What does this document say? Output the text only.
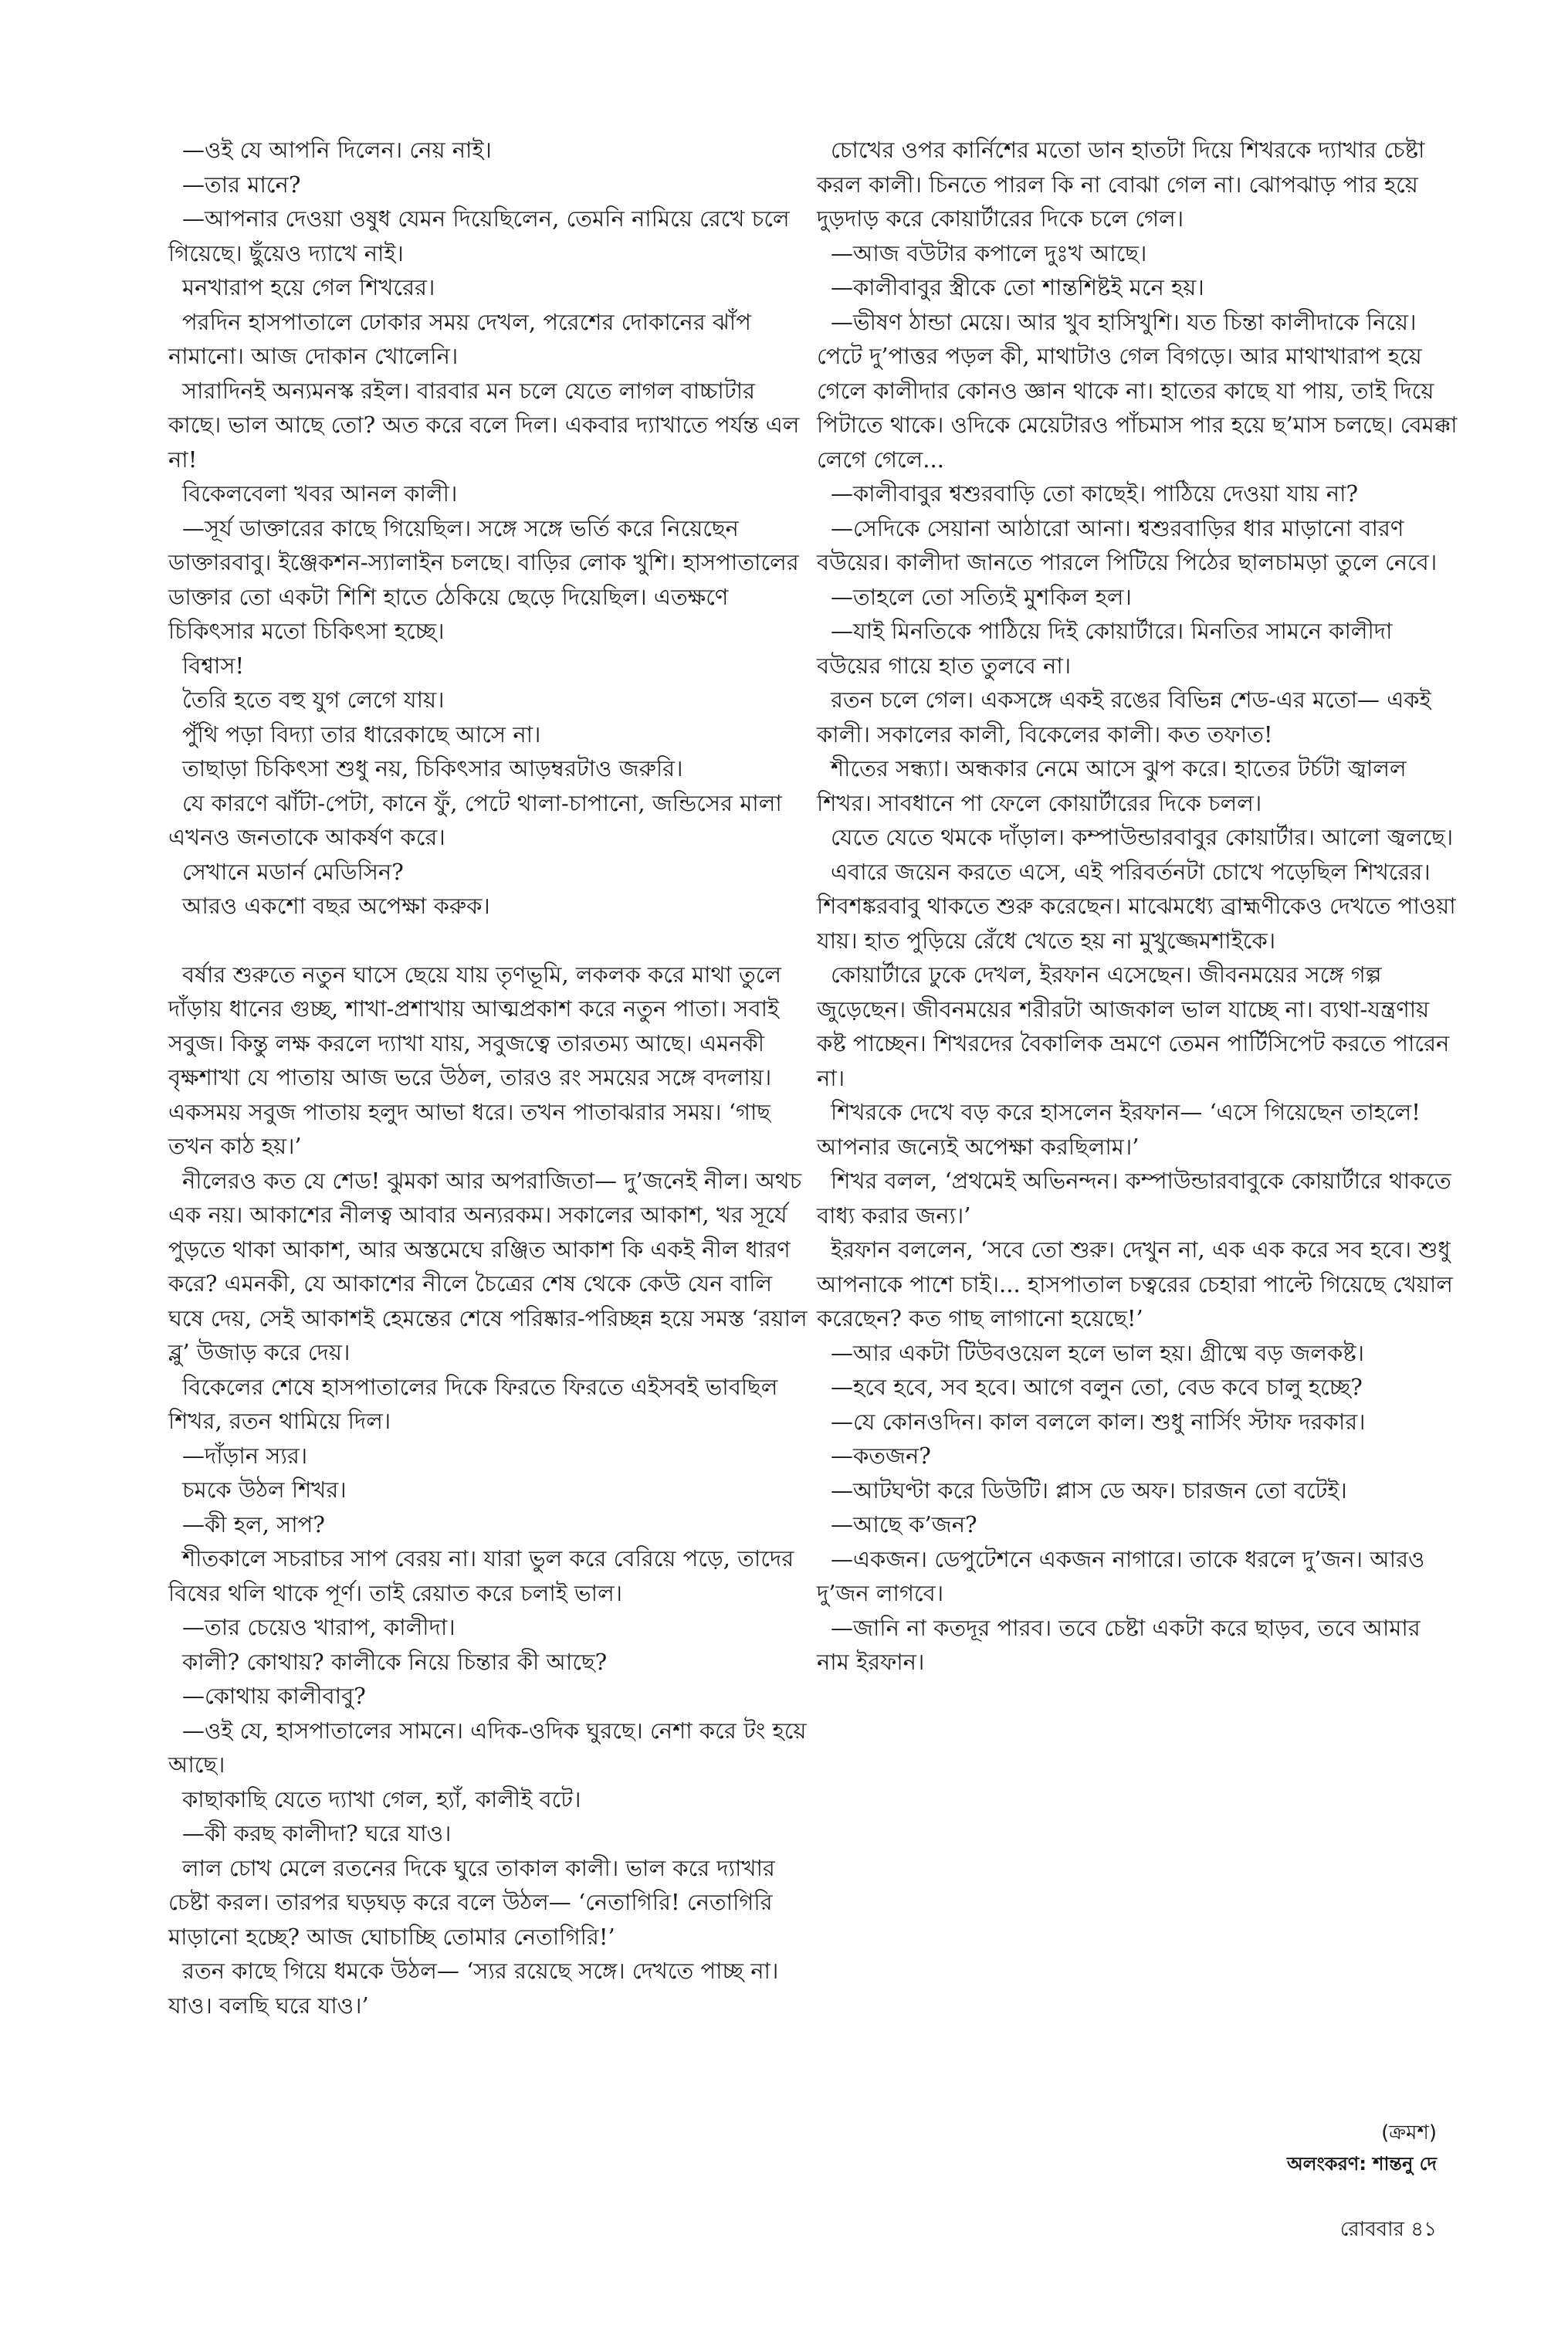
—ওই যে আপনি দিলেন। নেয় নাই।

—তার মানে?

—আপনার দেওয়া ওষুধ যেমন দিয়েছিলেন, তেমনি নামিয়ে রেখে চলে গিয়েছে। ছুঁয়েও দ্যাখে নাই।

মনখারাপ হয়ে গেল শিখরের।

পরদিন হাসপাতালে ঢোকার সময় দেখল, পরেশের দোকানের ঝাঁপ নামানো। আজ দোকান খোলেনি।

সারাদিনই অন্যমনস্ক রইল। বারবার মন চলে যেতে লাগল বাচ্চাটার কাছে। ভাল আছে তো? অত করে বলে দিল। একবার দ্যাখাতে পর্যন্ত এল না!

বিকেলবেলা খবর আনল কালী।

—সূর্য ডাক্তারের কাছে গিয়েছিল। সঙ্গে সঙ্গে ভর্তি করে নিয়েছেন ডাক্তারবাবু। ইঞ্জেকশন-স্যালাইন চলছে। বাড়ির লোক খুশি। হাসপাতালের ডাক্তার তো একটা শিশি হাতে ঠেকিয়ে ছেড়ে দিয়েছিল। এতক্ষণে চিকিৎসার মতো চিকিৎসা হচ্ছে।

বিশ্বাস!

তৈরি হতে বহু যুগ লেগে যায়।

পুঁথি পড়া বিদ্যা তার ধারেকাছে আসে না।

তাছাড়া চিকিৎসা শুধু নয়, চিকিৎসার আড়ম্বরটাও জরুরি।

যে কারণে ঝাঁটা-পেটা, কানে ফুঁ, পেটে থালা-চাপানো, জন্ডিসের মালা এখনও জনতাকে আকর্ষণ করে।

সেখানে মডার্ন মেডিসিন?

আরও একশো বছর অপেক্ষা করুক।

বর্ষার শুরুতে নতুন ঘাসে ছেয়ে যায় তৃণভূমি, লকলক করে মাথা তুলে দাঁড়ায় ধানের গুচ্ছ, শাখা-প্রশাখায় আত্মপ্রকাশ করে নতুন পাতা। সবাই সবুজ। কিন্তু লক্ষ করলে দ্যাখা যায়, সবুজত্বে তারতম্য আছে। এমনকী বৃক্ষশাখা যে পাতায় আজ ভরে উঠল, তারও রং সময়ের সঙ্গে বদলায়। একসময় সবুজ পাতায় হলুদ আভা ধরে। তখন পাতাঝরার সময়। ‘গাছ তখন কাঠ হয়।’

নীলেরও কত যে শেড! ঝুমকা আর অপরাজিতা— দু’জনেই নীল। অথচ এক নয়। আকাশের নীলত্ব আবার অন্যরকম। সকালের আকাশ, খর সূর্যে পুড়তে থাকা আকাশ, আর অস্তমেঘে রঞ্জিত আকাশ কি একই নীল ধারণ করে? এমনকী, যে আকাশের নীলে চৈত্রের শেষ থেকে কেউ যেন বালি ঘষে দেয়, সেই আকাশই হেমন্তের শেষে পরিষ্কার-পরিচ্ছন্ন হয়ে সমস্ত ‘রয়াল ব্লু’ উজাড় করে দেয়।

বিকেলের শেষে হাসপাতালের দিকে ফিরতে ফিরতে এইসবই ভাবছিল শিখর, রতন থামিয়ে দিল।

—দাঁড়ান স্যর।

চমকে উঠল শিখর।

—কী হল, সাপ?

শীতকালে সচরাচর সাপ বেরয় না। যারা ভুল করে বেরিয়ে পড়ে, তাদের বিষের থলি থাকে পূর্ণ। তাই রেয়াত করে চলাই ভাল।

—তার চেয়েও খারাপ, কালীদা।

কালী? কোথায়? কালীকে নিয়ে চিন্তার কী আছে?

—কোথায় কালীবাবু?

—ওই যে, হাসপাতালের সামনে। এদিক-ওদিক ঘুরছে। নেশা করে টং হয়ে আছে।

কাছাকাছি যেতে দ্যাখা গেল, হ্যাঁ, কালীই বটে।

—কী করছ কালীদা? ঘরে যাও।

লাল চোখ মেলে রতনের দিকে ঘুরে তাকাল কালী। ভাল করে দ্যাখার চেষ্টা করল। তারপর ঘড়ঘড় করে বলে উঠল— ‘নেতাগিরি! নেতাগিরি মাড়ানো হচ্ছে? আজ ঘোচাচ্ছি তোমার নেতাগিরি!’

রতন কাছে গিয়ে ধমকে উঠল— ‘স্যর রয়েছে সঙ্গে। দেখতে পাচ্ছ না। যাও। বলছি ঘরে যাও।’

চোখের ওপর কার্নিশের মতো ডান হাতটা দিয়ে শিখরকে দ্যাখার চেষ্টা করল কালী। চিনতে পারল কি না বোঝা গেল না। ঝোপঝাড় পার হয়ে দুড়দাড় করে কোয়ার্টারের দিকে চলে গেল।

—আজ বউটার কপালে দুঃখ আছে।

—কালীবাবুর স্ত্রীকে তো শান্তশিষ্টই মনে হয়।

—ভীষণ ঠান্ডা মেয়ে। আর খুব হাসিখুশি। যত চিন্তা কালীদাকে নিয়ে। পেটে দু’পাত্তর পড়ল কী, মাথাটাও গেল বিগড়ে। আর মাথাখারাপ হয়ে গেলে কালীদার কোনও জ্ঞান থাকে না। হাতের কাছে যা পায়, তাই দিয়ে পিটাতে থাকে। ওদিকে মেয়েটারও পাঁচমাস পার হয়ে ছ’মাস চলছে। বেমক্কা লেগে গেলে...

—কালীবাবুর শ্বশুরবাড়ি তো কাছেই। পাঠিয়ে দেওয়া যায় না?

—সেদিকে সেয়ানা আঠারো আনা। শ্বশুরবাড়ির ধার মাড়ানো বারণ বউয়ের। কালীদা জানতে পারলে পিটিয়ে পিঠের ছালচামড়া তুলে নেবে।

—তাহলে তো সত্যিই মুশকিল হল।

—যাই মিনতিকে পাঠিয়ে দিই কোয়ার্টারে। মিনতির সামনে কালীদা বউয়ের গায়ে হাত তুলবে না।

রতন চলে গেল। একসঙ্গে একই রঙের বিভিন্ন শেড-এর মতো— একই কালী। সকালের কালী, বিকেলের কালী। কত তফাত!

শীতের সন্ধ্যা। অন্ধকার নেমে আসে ঝুপ করে। হাতের টর্চটা জ্বালল শিখর। সাবধানে পা ফেলে কোয়ার্টারের দিকে চলল।

যেতে যেতে থমকে দাঁড়াল। কম্পাউন্ডারবাবুর কোয়ার্টার। আলো জ্বলছে।

এবারে জয়েন করতে এসে, এই পরিবর্তনটা চোখে পড়েছিল শিখরের। শিবশঙ্করবাবু থাকতে শুরু করেছেন। মাঝেমধ্যে ব্রাহ্মণীকেও দেখতে পাওয়া যায়। হাত পুড়িয়ে রেঁধে খেতে হয় না মুখুজ্জেমশাইকে।

কোয়ার্টারে ঢুকে দেখল, ইরফান এসেছেন। জীবনময়ের সঙ্গে গল্প জুড়েছেন। জীবনময়ের শরীরটা আজকাল ভাল যাচ্ছে না। ব্যথা-যন্ত্রণায় কষ্ট পাচ্ছেন। শিখরদের বৈকালিক ভ্রমণে তেমন পার্টিসিপেট করতে পারেন না।

শিখরকে দেখে বড় করে হাসলেন ইরফান— ‘এসে গিয়েছেন তাহলে! আপনার জন্যেই অপেক্ষা করছিলাম।’

শিখর বলল, ‘প্রথমেই অভিনন্দন। কম্পাউন্ডারবাবুকে কোয়ার্টারে থাকতে বাধ্য করার জন্য।’

ইরফান বললেন, ‘সবে তো শুরু। দেখুন না, এক এক করে সব হবে। শুধু আপনাকে পাশে চাই।... হাসপাতাল চত্বরের চেহারা পাল্টে গিয়েছে খেয়াল করেছেন? কত গাছ লাগানো হয়েছে!’

—আর একটা টিউবওয়েল হলে ভাল হয়। গ্রীষ্মে বড় জলকষ্ট।

—হবে হবে, সব হবে। আগে বলুন তো, বেড কবে চালু হচ্ছে?

—যে কোনওদিন। কাল বললে কাল। শুধু নার্সিং স্টাফ দরকার।

—কতজন?

—আটঘণ্টা করে ডিউটি। প্লাস ডে অফ। চারজন তো বটেই।

—আছে ক’জন?

—একজন। ডেপুটেশনে একজন নাগারে। তাকে ধরলে দু’জন। আরও দু’জন লাগবে।

—জানি না কতদূর পারব। তবে চেষ্টা একটা করে ছাড়ব, তবে আমার নাম ইরফান।

(ক্রমশ)
অলংকরণ: শান্তনু দে
রোববার ৪১
